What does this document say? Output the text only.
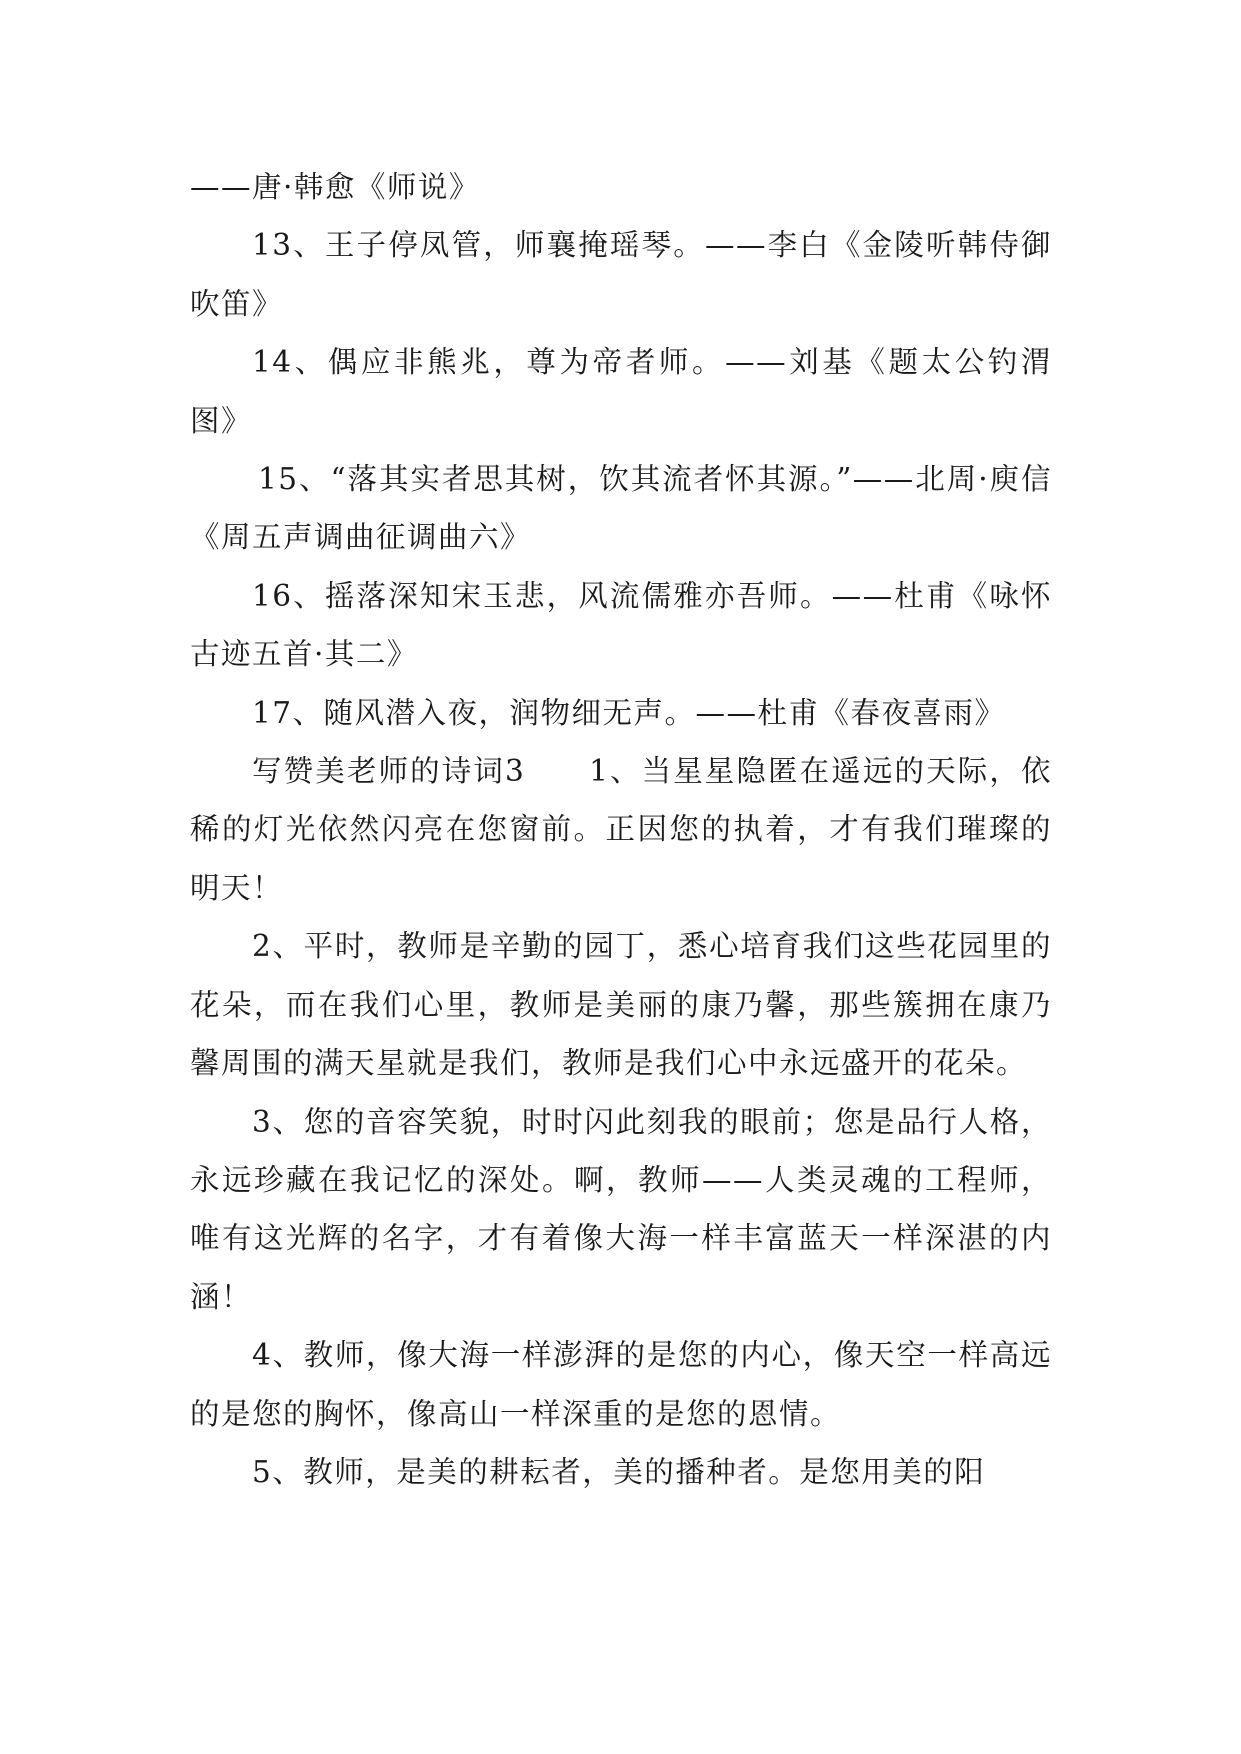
——唐·韩愈《师说》

13、王子停凤管，师襄掩瑶琴。——李白《金陵听韩侍御吹笛》

14、偶应非熊兆，尊为帝者师。——刘基《题太公钓渭图》

15、“落其实者思其树，饮其流者怀其源。”——北周·庾信《周五声调曲征调曲六》

16、摇落深知宋玉悲，风流儒雅亦吾师。——杜甫《咏怀古迹五首·其二》

17、随风潜入夜，润物细无声。——杜甫《春夜喜雨》

写赞美老师的诗词3　　1、当星星隐匿在遥远的天际，依稀的灯光依然闪亮在您窗前。正因您的执着，才有我们璀璨的明天！

2、平时，教师是辛勤的园丁，悉心培育我们这些花园里的花朵，而在我们心里，教师是美丽的康乃馨，那些簇拥在康乃馨周围的满天星就是我们，教师是我们心中永远盛开的花朵。

3、您的音容笑貌，时时闪此刻我的眼前；您是品行人格，永远珍藏在我记忆的深处。啊，教师——人类灵魂的工程师，唯有这光辉的名字，才有着像大海一样丰富蓝天一样深湛的内涵！

4、教师，像大海一样澎湃的是您的内心，像天空一样高远的是您的胸怀，像高山一样深重的是您的恩情。

5、教师，是美的耕耘者，美的播种者。是您用美的阳
